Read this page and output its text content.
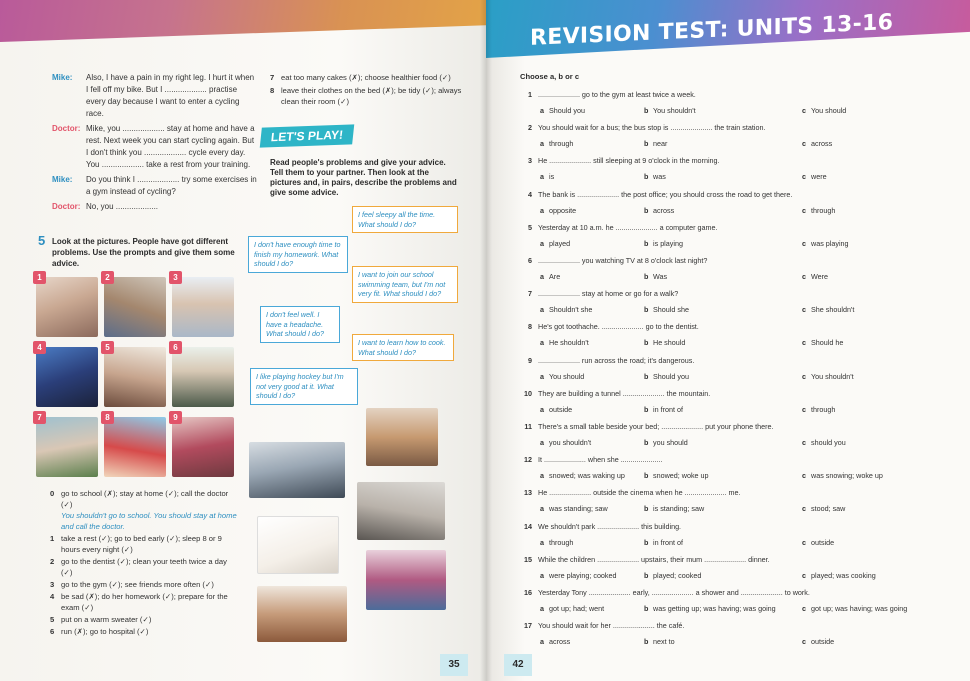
Mike:	Also, I have a pain in my right leg. I hurt it when I fell off my bike. But I ................... practise every day because I want to enter a cycling race.
Doctor: Mike, you ................... stay at home and have a rest. Next week you can start cycling again. But I don't think you ................... cycle every day. You ................... take a rest from your training.
Mike:	Do you think I ................... try some exercises in a gym instead of cycling?
Doctor: No, you ...................
5 Look at the pictures. People have got different problems. Use the prompts and give them some advice.
1	2	3
4	5	6
7	8	9
0 go to school (✗); stay at home (✓); call the doctor (✓)
You shouldn't go to school. You should stay at home and call the doctor.
1 take a rest (✓); go to bed early (✓); sleep 8 or 9 hours every night (✓)
2 go to the dentist (✓); clean your teeth twice a day (✓)
3 go to the gym (✓); see friends more often (✓)
4 be sad (✗); do her homework (✓); prepare for the exam (✓)
5 put on a warm sweater (✓)
6 run (✗); go to hospital (✓)
7 eat too many cakes (✗); choose healthier food (✓)
8 leave their clothes on the bed (✗); be tidy (✓); always clean their room (✓)
LET'S PLAY!
Read people's problems and give your advice. Tell them to your partner. Then look at the pictures and, in pairs, describe the problems and give some advice.
I feel sleepy all the time. What should I do?
I don't have enough time to finish my homework. What should I do?
I want to join our school swimming team, but I'm not very fit. What should I do?
I don't feel well. I have a headache. What should I do?
I want to learn how to cook. What should I do?
I like playing hockey but I'm not very good at it. What should I do?
35
REVISION TEST: UNITS 13-16
Choose a, b or c
1 ..................... go to the gym at least twice a week.
a Should you	b You shouldn't	c You should
2 You should wait for a bus; the bus stop is ..................... the train station.
a through	b near	c across
3 He ..................... still sleeping at 9 o'clock in the morning.
a is	b was	c were
4 The bank is ..................... the post office; you should cross the road to get there.
a opposite	b across	c through
5 Yesterday at 10 a.m. he ..................... a computer game.
a played	b is playing	c was playing
6 ..................... you watching TV at 8 o'clock last night?
a Are	b Was	c Were
7 ..................... stay at home or go for a walk?
a Shouldn't she	b Should she	c She shouldn't
8 He's got toothache. ..................... go to the dentist.
a He shouldn't	b He should	c Should he
9 ..................... run across the road; it's dangerous.
a You should	b Should you	c You shouldn't
10 They are building a tunnel ..................... the mountain.
a outside	b in front of	c through
11 There's a small table beside your bed; ..................... put your phone there.
a you shouldn't	b you should	c should you
12 It ..................... when she .....................
a snowed; was waking up	b snowed; woke up	c was snowing; woke up
13 He ..................... outside the cinema when he ..................... me.
a was standing; saw	b is standing; saw	c stood; saw
14 We shouldn't park ..................... this building.
a through	b in front of	c outside
15 While the children ..................... upstairs, their mum ..................... dinner.
a were playing; cooked	b played; cooked	c played; was cooking
16 Yesterday Tony ..................... early, ..................... a shower and ..................... to work.
a got up; had; went	b was getting up; was having; was going	c got up; was having; was going
17 You should wait for her ..................... the café.
a across	b next to	c outside
42
